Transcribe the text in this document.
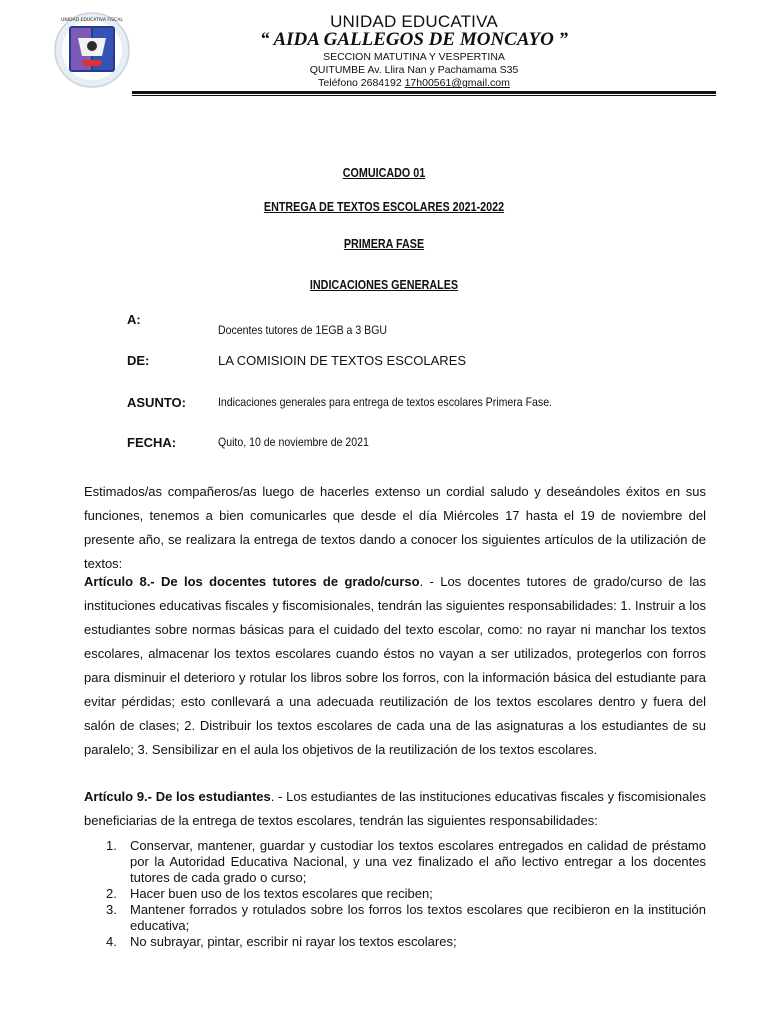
UNIDAD EDUCATIVA FISCAL	UNIDAD EDUCATIVA
“ AIDA GALLEGOS DE MONCAYO ”
SECCION MATUTINA Y VESPERTINA
QUITUMBE Av. Llira Nan y Pachamama S35
Teléfono 2684192 17h00561@gmail.com
COMUICADO 01
ENTREGA DE TEXTOS ESCOLARES 2021-2022
PRIMERA FASE
INDICACIONES GENERALES
A:
Docentes tutores de 1EGB a 3 BGU
DE:	LA COMISIOIN DE TEXTOS ESCOLARES
ASUNTO:	Indicaciones generales para entrega de textos escolares Primera Fase.
FECHA:	Quito, 10 de noviembre de 2021
Estimados/as compañeros/as luego de hacerles extenso un cordial saludo y deseándoles éxitos en sus funciones, tenemos a bien comunicarles que desde el día Miércoles 17 hasta el 19 de noviembre del presente año, se realizara la entrega de textos dando a conocer los siguientes artículos de la utilización de textos:
Artículo 8.- De los docentes tutores de grado/curso. - Los docentes tutores de grado/curso de las instituciones educativas fiscales y fiscomisionales, tendrán las siguientes responsabilidades: 1. Instruir a los estudiantes sobre normas básicas para el cuidado del texto escolar, como: no rayar ni manchar los textos escolares, almacenar los textos escolares cuando éstos no vayan a ser utilizados, protegerlos con forros para disminuir el deterioro y rotular los libros sobre los forros, con la información básica del estudiante para evitar pérdidas; esto conllevará a una adecuada reutilización de los textos escolares dentro y fuera del salón de clases; 2. Distribuir los textos escolares de cada una de las asignaturas a los estudiantes de su paralelo; 3. Sensibilizar en el aula los objetivos de la reutilización de los textos escolares.
Artículo 9.- De los estudiantes. - Los estudiantes de las instituciones educativas fiscales y fiscomisionales beneficiarias de la entrega de textos escolares, tendrán las siguientes responsabilidades:
1. Conservar, mantener, guardar y custodiar los textos escolares entregados en calidad de préstamo por la Autoridad Educativa Nacional, y una vez finalizado el año lectivo entregar a los docentes tutores de cada grado o curso;
2. Hacer buen uso de los textos escolares que reciben;
3. Mantener forrados y rotulados sobre los forros los textos escolares que recibieron en la institución educativa;
4. No subrayar, pintar, escribir ni rayar los textos escolares;
